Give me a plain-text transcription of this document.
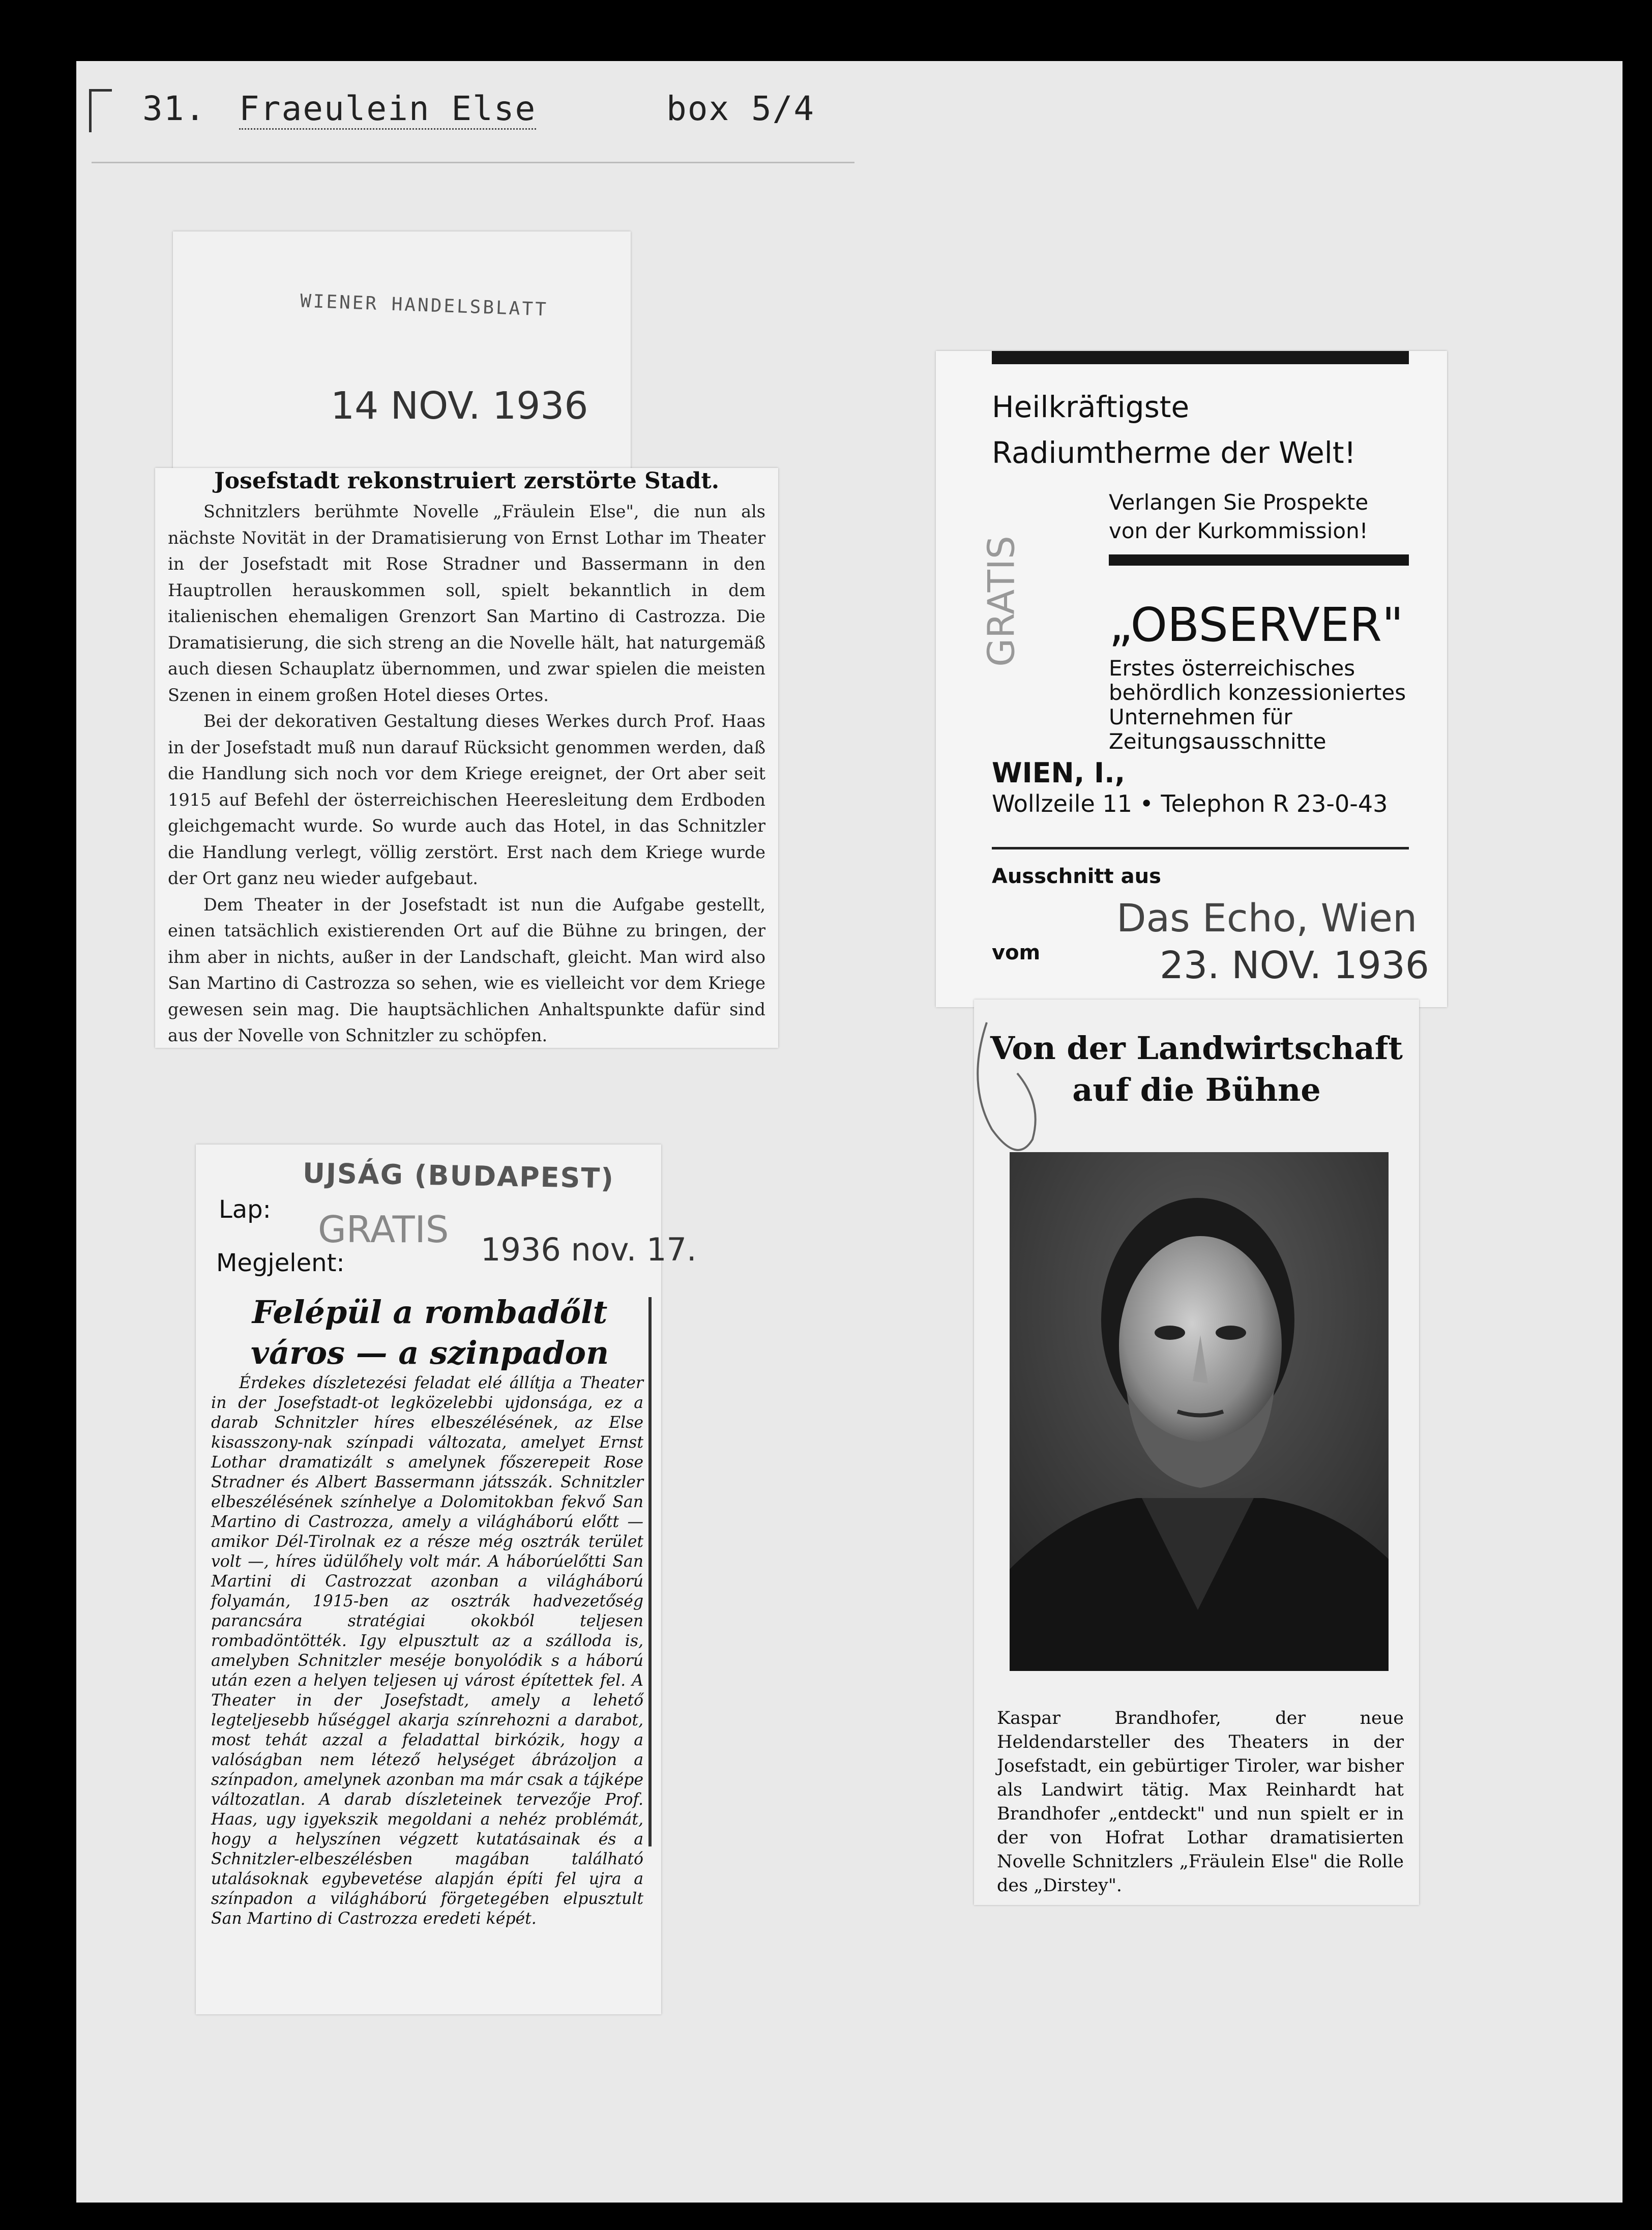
31. Fraeulein Else	box 5/4
WIENER HANDELSBLATT
14 NOV. 1936
Josefstadt rekonstruiert zerstörte Stadt.

Schnitzlers berühmte Novelle „Fräulein Else", die nun als nächste Novität in der Dramatisierung von Ernst Lothar im Theater in der Josefstadt mit Rose Stradner und Bassermann in den Hauptrollen herauskommen soll, spielt bekanntlich in dem italienischen ehemaligen Grenzort San Martino di Castrozza. Die Dramatisierung, die sich streng an die Novelle hält, hat naturgemäß auch diesen Schauplatz übernommen, und zwar spielen die meisten Szenen in einem großen Hotel dieses Ortes.

Bei der dekorativen Gestaltung dieses Werkes durch Prof. Haas in der Josefstadt muß nun darauf Rücksicht genommen werden, daß die Handlung sich noch vor dem Kriege ereignet, der Ort aber seit 1915 auf Befehl der österreichischen Heeresleitung dem Erdboden gleichgemacht wurde. So wurde auch das Hotel, in das Schnitzler die Handlung verlegt, völlig zerstört. Erst nach dem Kriege wurde der Ort ganz neu wieder aufgebaut.

Dem Theater in der Josefstadt ist nun die Aufgabe gestellt, einen tatsächlich existierenden Ort auf die Bühne zu bringen, der ihm aber in nichts, außer in der Landschaft, gleicht. Man wird also San Martino di Castrozza so sehen, wie es vielleicht vor dem Kriege gewesen sein mag. Die hauptsächlichen Anhaltspunkte dafür sind aus der Novelle von Schnitzler zu schöpfen.

Heilkräftigste
Radiumtherme der Welt!
Verlangen Sie Prospekte
von der Kurkommission!
GRATIS „OBSERVER"
Erstes österreichisches behördlich konzessioniertes Unternehmen für Zeitungsausschnitte
WIEN, I.,
Wollzeile 11 • Telephon R 23-0-43
Ausschnitt aus
Das Echo, Wien
vom	23. NOV. 1936
Von der Landwirtschaft
auf die Bühne
Kaspar Brandhofer, der neue Heldendarsteller des Theaters in der Josefstadt, ein gebürtiger Tiroler, war bisher als Landwirt tätig. Max Reinhardt hat Brandhofer „entdeckt" und nun spielt er in der von Hofrat Lothar dramatisierten Novelle Schnitzlers „Fräulein Else" die Rolle des „Dirstey".
UJSÁG (BUDAPEST)
Lap: GRATIS 1936 nov. 17.
Megjelent:
Felépül a rombadőlt
város — a szinpadon
Érdekes díszletezési feladat elé állítja a Theater in der Josefstadt-ot legközelebbi ujdonsága, ez a darab Schnitzler híres elbeszélésének, az Else kisasszony-nak színpadi változata, amelyet Ernst Lothar dramatizált s amelynek főszerepeit Rose Stradner és Albert Bassermann játsszák. Schnitzler elbeszélésének színhelye a Dolomitokban fekvő San Martino di Castrozza, amely a világháború előtt — amikor Dél-Tirolnak ez a része még osztrák terület volt —, híres üdülőhely volt már. A háborúelőtti San Martini di Castrozzat azonban a világháború folyamán, 1915-ben az osztrák hadvezetőség parancsára stratégiai okokból teljesen rombadöntötték. Igy elpusztult az a szálloda is, amelyben Schnitzler meséje bonyolódik s a háború után ezen a helyen teljesen uj várost építettek fel. A Theater in der Josefstadt, amely a lehető legteljesebb hűséggel akarja színrehozni a darabot, most tehát azzal a feladattal birkózik, hogy a valóságban nem létező helységet ábrázoljon a színpadon, amelynek azonban ma már csak a tájképe változatlan. A darab díszleteinek tervezője Prof. Haas, ugy igyekszik megoldani a nehéz problémát, hogy a helyszínen végzett kutatásainak és a Schnitzler-elbeszélésben magában található utalásoknak egybevetése alapján építi fel ujra a színpadon a világháború förgetegében elpusztult San Martino di Castrozza eredeti képét.
